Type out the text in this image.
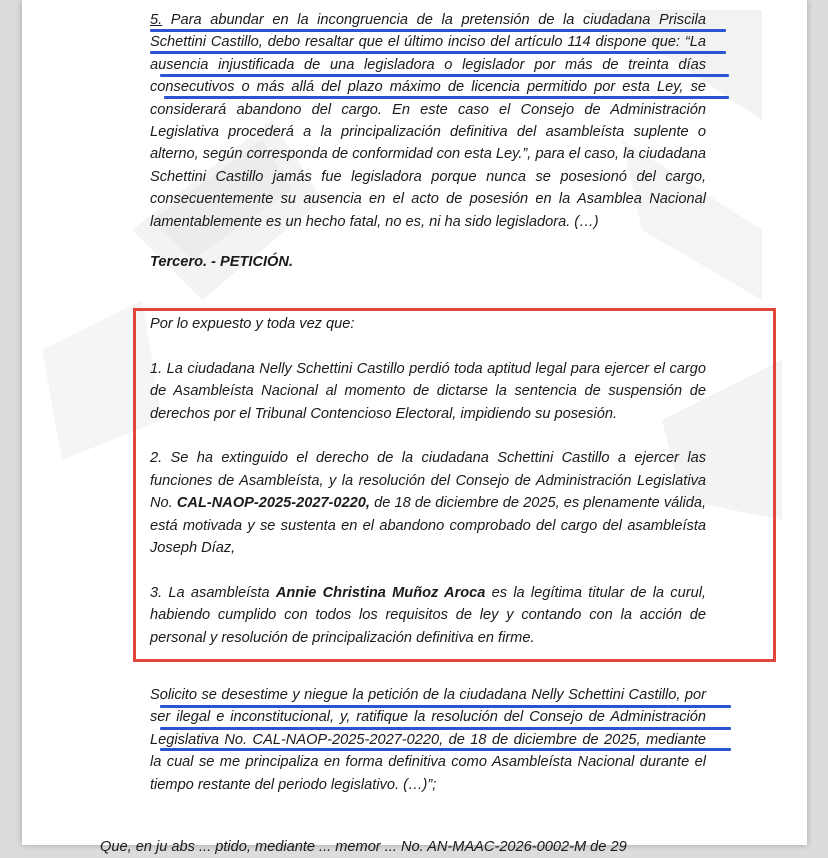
5. Para abundar en la incongruencia de la pretensión de la ciudadana Priscila Schettini Castillo, debo resaltar que el último inciso del artículo 114 dispone que: “La ausencia injustificada de una legisladora o legislador por más de treinta días consecutivos o más allá del plazo máximo de licencia permitido por esta Ley, se considerará abandono del cargo. En este caso el Consejo de Administración Legislativa procederá a la principalización definitiva del asambleísta suplente o alterno, según corresponda de conformidad con esta Ley.”, para el caso, la ciudadana Schettini Castillo jamás fue legisladora porque nunca se posesionó del cargo, consecuentemente su ausencia en el acto de posesión en la Asamblea Nacional lamentablemente es un hecho fatal, no es, ni ha sido legisladora. (…)

Tercero. - PETICIÓN.

Por lo expuesto y toda vez que:

1. La ciudadana Nelly Schettini Castillo perdió toda aptitud legal para ejercer el cargo de Asambleísta Nacional al momento de dictarse la sentencia de suspensión de derechos por el Tribunal Contencioso Electoral, impidiendo su posesión.

2. Se ha extinguido el derecho de la ciudadana Schettini Castillo a ejercer las funciones de Asambleísta, y la resolución del Consejo de Administración Legislativa No. CAL-NAOP-2025-2027-0220, de 18 de diciembre de 2025, es plenamente válida, está motivada y se sustenta en el abandono comprobado del cargo del asambleísta Joseph Díaz,

3. La asambleísta Annie Christina Muñoz Aroca es la legítima titular de la curul, habiendo cumplido con todos los requisitos de ley y contando con la acción de personal y resolución de principalización definitiva en firme.

Solicito se desestime y niegue la petición de la ciudadana Nelly Schettini Castillo, por ser ilegal e inconstitucional, y, ratifique la resolución del Consejo de Administración Legislativa No. CAL-NAOP-2025-2027-0220, de 18 de diciembre de 2025, mediante la cual se me principaliza en forma definitiva como Asambleísta Nacional durante el tiempo restante del periodo legislativo. (…)”;

Que, en ju abs ... ptido, mediante ... memor ... No. AN-MAAC-2026-0002-M de 29
